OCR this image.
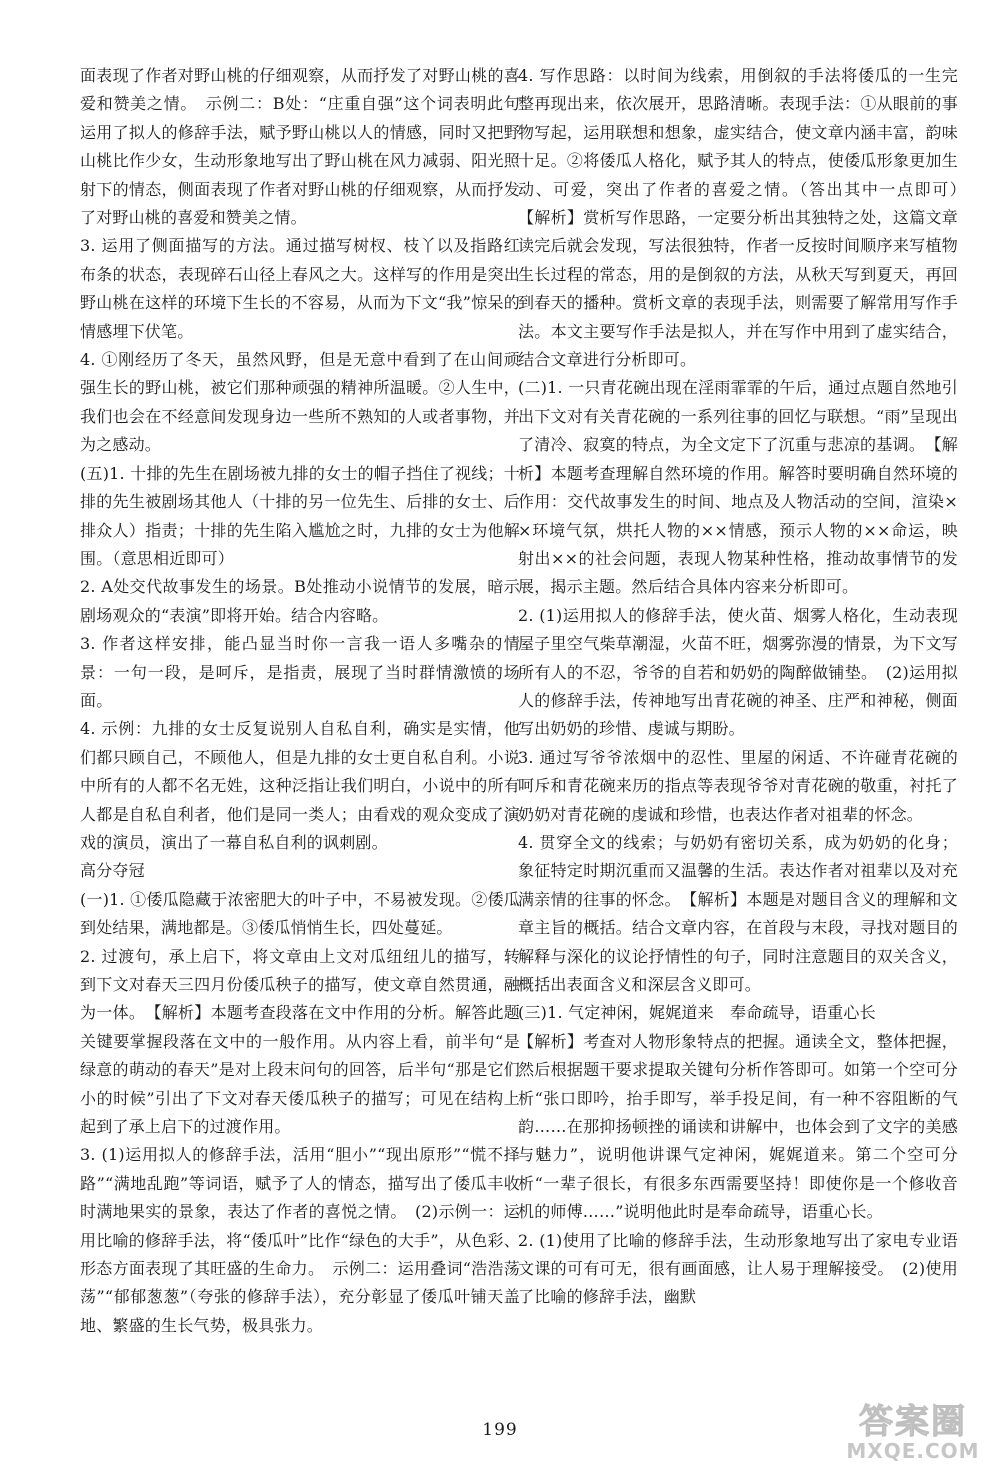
面表现了作者对野山桃的仔细观察，从而抒发了对野山桃的喜爱和赞美之情。　示例二：B处：“庄重自强”这个词表明此句运用了拟人的修辞手法，赋予野山桃以人的情感，同时又把野山桃比作少女，生动形象地写出了野山桃在风力减弱、阳光照射下的情态，侧面表现了作者对野山桃的仔细观察，从而抒发了对野山桃的喜爱和赞美之情。

3. 运用了侧面描写的方法。通过描写树杈、枝丫以及指路红布条的状态，表现碎石山径上春风之大。这样写的作用是突出野山桃在这样的环境下生长的不容易，从而为下文“我”惊呆的情感埋下伏笔。

4. ①刚经历了冬天，虽然风野，但是无意中看到了在山间顽强生长的野山桃，被它们那种顽强的精神所温暖。②人生中，我们也会在不经意间发现身边一些所不熟知的人或者事物，并为之感动。

(五)1. 十排的先生在剧场被九排的女士的帽子挡住了视线；十排的先生被剧场其他人（十排的另一位先生、后排的女士、后排众人）指责；十排的先生陷入尴尬之时，九排的女士为他解围。（意思相近即可）

2. A处交代故事发生的场景。B处推动小说情节的发展，暗示剧场观众的“表演”即将开始。结合内容略。

3. 作者这样安排，能凸显当时你一言我一语人多嘴杂的情景：一句一段，是呵斥，是指责，展现了当时群情激愤的场面。

4. 示例：九排的女士反复说别人自私自利，确实是实情，他们都只顾自己，不顾他人，但是九排的女士更自私自利。小说中所有的人都不名无姓，这种泛指让我们明白，小说中的所有人都是自私自利者，他们是同一类人；由看戏的观众变成了演戏的演员，演出了一幕自私自利的讽刺剧。

高分夺冠

(一)1. ①倭瓜隐藏于浓密肥大的叶子中，不易被发现。②倭瓜到处结果，满地都是。③倭瓜悄悄生长，四处蔓延。

2. 过渡句，承上启下，将文章由上文对瓜纽纽儿的描写，转到下文对春天三四月份倭瓜秧子的描写，使文章自然贯通，融为一体。　【解析】本题考查段落在文中作用的分析。解答此题关键要掌握段落在文中的一般作用。从内容上看，前半句“是绿意的萌动的春天”是对上段末问句的回答，后半句“那是它们小的时候”引出了下文对春天倭瓜秧子的描写；可见在结构上起到了承上启下的过渡作用。

3. (1)运用拟人的修辞手法，活用“胆小”“现出原形”“慌不择路”“满地乱跑”等词语，赋予了人的情态，描写出了倭瓜丰收时满地果实的景象，表达了作者的喜悦之情。　(2)示例一：运用比喻的修辞手法，将“倭瓜叶”比作“绿色的大手”，从色彩、形态方面表现了其旺盛的生命力。　示例二：运用叠词“浩浩荡荡”“郁郁葱葱”（夸张的修辞手法），充分彰显了倭瓜叶铺天盖地、繁盛的生长气势，极具张力。

4. 写作思路：以时间为线索，用倒叙的手法将倭瓜的一生完整再现出来，依次展开，思路清晰。表现手法：①从眼前的事物写起，运用联想和想象，虚实结合，使文章内涵丰富，韵味十足。②将倭瓜人格化，赋予其人的特点，使倭瓜形象更加生动、可爱，突出了作者的喜爱之情。（答出其中一点即可）　【解析】赏析写作思路，一定要分析出其独特之处，这篇文章读完后就会发现，写法很独特，作者一反按时间顺序来写植物生长过程的常态，用的是倒叙的方法，从秋天写到夏天，再回到春天的播种。赏析文章的表现手法，则需要了解常用写作手法。本文主要写作手法是拟人，并在写作中用到了虚实结合，结合文章进行分析即可。

(二)1. 一只青花碗出现在淫雨霏霏的午后，通过点题自然地引出下文对有关青花碗的一系列往事的回忆与联想。“雨”呈现出了清冷、寂寞的特点，为全文定下了沉重与悲凉的基调。　【解析】本题考查理解自然环境的作用。解答时要明确自然环境的作用：交代故事发生的时间、地点及人物活动的空间，渲染××环境气氛，烘托人物的××情感，预示人物的××命运，映射出××的社会问题，表现人物某种性格，推动故事情节的发展，揭示主题。然后结合具体内容来分析即可。

2. (1)运用拟人的修辞手法，使火苗、烟雾人格化，生动表现屋子里空气柴草潮湿，火苗不旺，烟雾弥漫的情景，为下文写所有人的不忍，爷爷的自若和奶奶的陶醉做铺垫。　(2)运用拟人的修辞手法，传神地写出青花碗的神圣、庄严和神秘，侧面写出奶奶的珍惜、虔诚与期盼。

3. 通过写爷爷浓烟中的忍性、里屋的闲适、不许碰青花碗的呵斥和青花碗来历的指点等表现爷爷对青花碗的敬重，衬托了奶奶对青花碗的虔诚和珍惜，也表达作者对祖辈的怀念。

4. 贯穿全文的线索；与奶奶有密切关系，成为奶奶的化身；象征特定时期沉重而又温馨的生活。表达作者对祖辈以及对充满亲情的往事的怀念。　【解析】本题是对题目含义的理解和文章主旨的概括。结合文章内容，在首段与末段，寻找对题目的解释与深化的议论抒情性的句子，同时注意题目的双关含义，概括出表面含义和深层含义即可。

(三)1. 气定神闲，娓娓道来　奉命疏导，语重心长

【解析】考查对人物形象特点的把握。通读全文，整体把握，然后根据题干要求提取关键句分析作答即可。如第一个空可分析“张口即吟，抬手即写，举手投足间，有一种不容阻断的气韵……在那抑扬顿挫的诵读和讲解中，也体会到了文字的美感与魅力”，说明他讲课气定神闲，娓娓道来。第二个空可分析“一辈子很长，有很多东西需要坚持！即使你是一个修收音机的师傅……”说明他此时是奉命疏导，语重心长。

2. (1)使用了比喻的修辞手法，生动形象地写出了家电专业语文课的可有可无，很有画面感，让人易于理解接受。　(2)使用了比喻的修辞手法，幽默

199	答案圈
MXQE.COM
